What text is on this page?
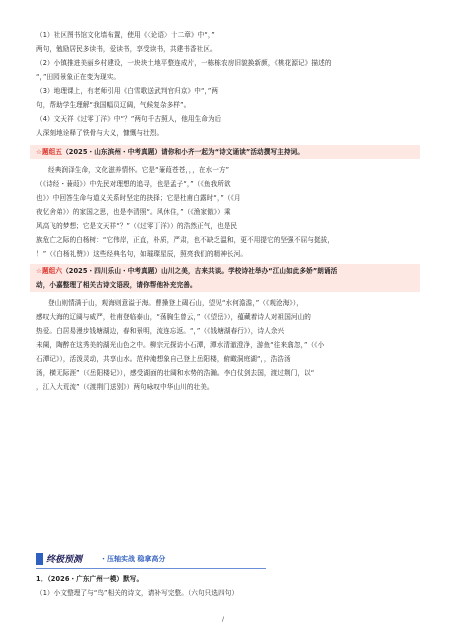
（1）社区图书馆文化墙布置，使用《〈论语〉十二章》中“，”
两句，勉励居民多读书，爱读书，享受读书，共建书香社区。
（2）小镇推进美丽乡村建设，一块块土地平整连成片，一栋栋农房旧貌换新颜，《桃花源记》描述的
“，”田园景象正在变为现实。
（3）地理课上，有老师引用《白雪歌送武判官归京》中“，”两
句，帮助学生理解“我国幅员辽阔，气候复杂多样”。
（4）文天祥《过零丁洋》中“？”两句千古照人，他用生命为后
人深刻地诠释了铁骨与大义，慷慨与壮烈。
☆题组五（2025・山东滨州・中考真题）请你和小齐一起为“诗文诵读”活动撰写主持词。
经典润泽生命，文化滋养情怀。它是“蒹葭苍苍，，，在水一方”
（《诗经・蒹葭》）中先民对理想的追寻，也是孟子“，”（《鱼我所欲
也》）中回答生命与道义关系时坚定的抉择；它是杜甫白露时“，”（《月
夜忆舍弟》）的家国之思，也是李清照“。风休住，”（《渔家傲》）乘
风高飞的梦想；它是文天祥“？”（《过零丁洋》）的浩然正气，也是民
族危亡之际的白杨树：“它伟岸，正直，朴质，严肃，也不缺乏温和，更不用提它的坚强不屈与挺拔，
！”（《白杨礼赞》）这些经典名句，如璀璨星辰，照亮我们的精神长河。
☆题组六（2025・四川乐山・中考真题）山川之美，古来共谈。学校诗社举办“江山如此多娇”朗诵活
动，小嘉整理了相关古诗文语段，请你帮他补充完善。
登山则情满于山，观海则意溢于海。曹操登上碣石山，望见“水何澹澹，”（《观沧海》），
感叹大海的辽阔与威严，杜甫登临泰山，“荡胸生曾云，”（《望岳》），蕴藏着诗人对祖国河山的
热爱。白居易漫步钱塘湖边，春和景明，流连忘返。“，”（《钱塘湖春行》），诗人余兴
未阑，陶醉在这秀美的湖光山色之中。柳宗元探访小石潭，潭水清澈澄净，游鱼“往来翕忽，”（《小
石潭记》），活泼灵动，共享山水。范仲淹想象自己登上岳阳楼，俯瞰洞庭湖“，，浩浩汤
汤，横无际涯”（《岳阳楼记》），感受湖面的壮阔和水势的浩瀚。李白仗剑去国，渡过荆门，以“
，江入大荒流”（《渡荆门送别》）两句咏叹中华山川的壮美。
终极预测	・压轴实战 稳拿高分
1．（2026・广东广州一模）默写。
（1）小文整理了与“鸟”相关的诗文，请补写完整。（六句只选四句）
/
